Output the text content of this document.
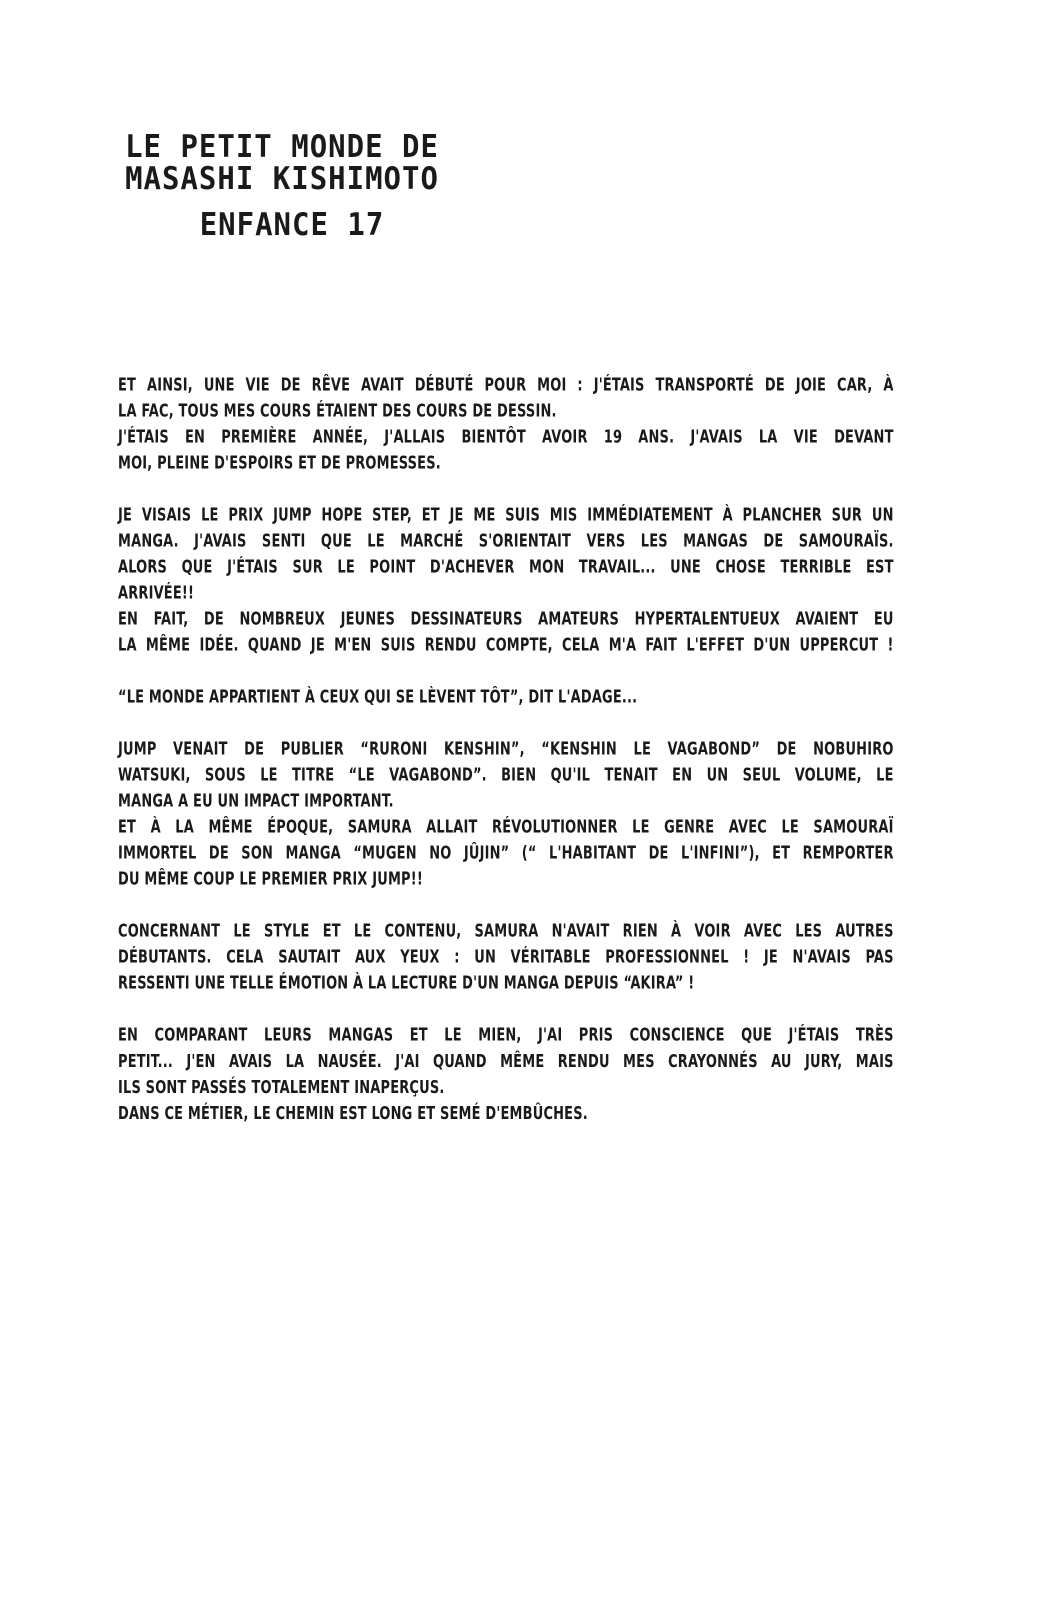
LE PETIT MONDE DE
MASASHI KISHIMOTO
ENFANCE 17
ET AINSI, UNE VIE DE RÊVE AVAIT DÉBUTÉ POUR MOI : J'ÉTAIS TRANSPORTÉ DE JOIE CAR, À
LA FAC, TOUS MES COURS ÉTAIENT DES COURS DE DESSIN.
J'ÉTAIS EN PREMIÈRE ANNÉE, J'ALLAIS BIENTÔT AVOIR 19 ANS. J'AVAIS LA VIE DEVANT
MOI, PLEINE D'ESPOIRS ET DE PROMESSES.
JE VISAIS LE PRIX JUMP HOPE STEP, ET JE ME SUIS MIS IMMÉDIATEMENT À PLANCHER SUR UN
MANGA. J'AVAIS SENTI QUE LE MARCHÉ S'ORIENTAIT VERS LES MANGAS DE SAMOURAÏS.
ALORS QUE J'ÉTAIS SUR LE POINT D'ACHEVER MON TRAVAIL... UNE CHOSE TERRIBLE EST
ARRIVÉE!!
EN FAIT, DE NOMBREUX JEUNES DESSINATEURS AMATEURS HYPERTALENTUEUX AVAIENT EU
LA MÊME IDÉE. QUAND JE M'EN SUIS RENDU COMPTE, CELA M'A FAIT L'EFFET D'UN UPPERCUT !
“LE MONDE APPARTIENT À CEUX QUI SE LÈVENT TÔT”, DIT L'ADAGE...
JUMP VENAIT DE PUBLIER “RURONI KENSHIN”, “KENSHIN LE VAGABOND” DE NOBUHIRO
WATSUKI, SOUS LE TITRE “LE VAGABOND”. BIEN QU'IL TENAIT EN UN SEUL VOLUME, LE
MANGA A EU UN IMPACT IMPORTANT.
ET À LA MÊME ÉPOQUE, SAMURA ALLAIT RÉVOLUTIONNER LE GENRE AVEC LE SAMOURAÏ
IMMORTEL DE SON MANGA “MUGEN NO JÛJIN” (“ L'HABITANT DE L'INFINI”), ET REMPORTER
DU MÊME COUP LE PREMIER PRIX JUMP!!
CONCERNANT LE STYLE ET LE CONTENU, SAMURA N'AVAIT RIEN À VOIR AVEC LES AUTRES
DÉBUTANTS. CELA SAUTAIT AUX YEUX : UN VÉRITABLE PROFESSIONNEL ! JE N'AVAIS PAS
RESSENTI UNE TELLE ÉMOTION À LA LECTURE D'UN MANGA DEPUIS “AKIRA” !
EN COMPARANT LEURS MANGAS ET LE MIEN, J'AI PRIS CONSCIENCE QUE J'ÉTAIS TRÈS
PETIT... J'EN AVAIS LA NAUSÉE. J'AI QUAND MÊME RENDU MES CRAYONNÉS AU JURY, MAIS
ILS SONT PASSÉS TOTALEMENT INAPERÇUS.
DANS CE MÉTIER, LE CHEMIN EST LONG ET SEMÉ D'EMBÛCHES.
